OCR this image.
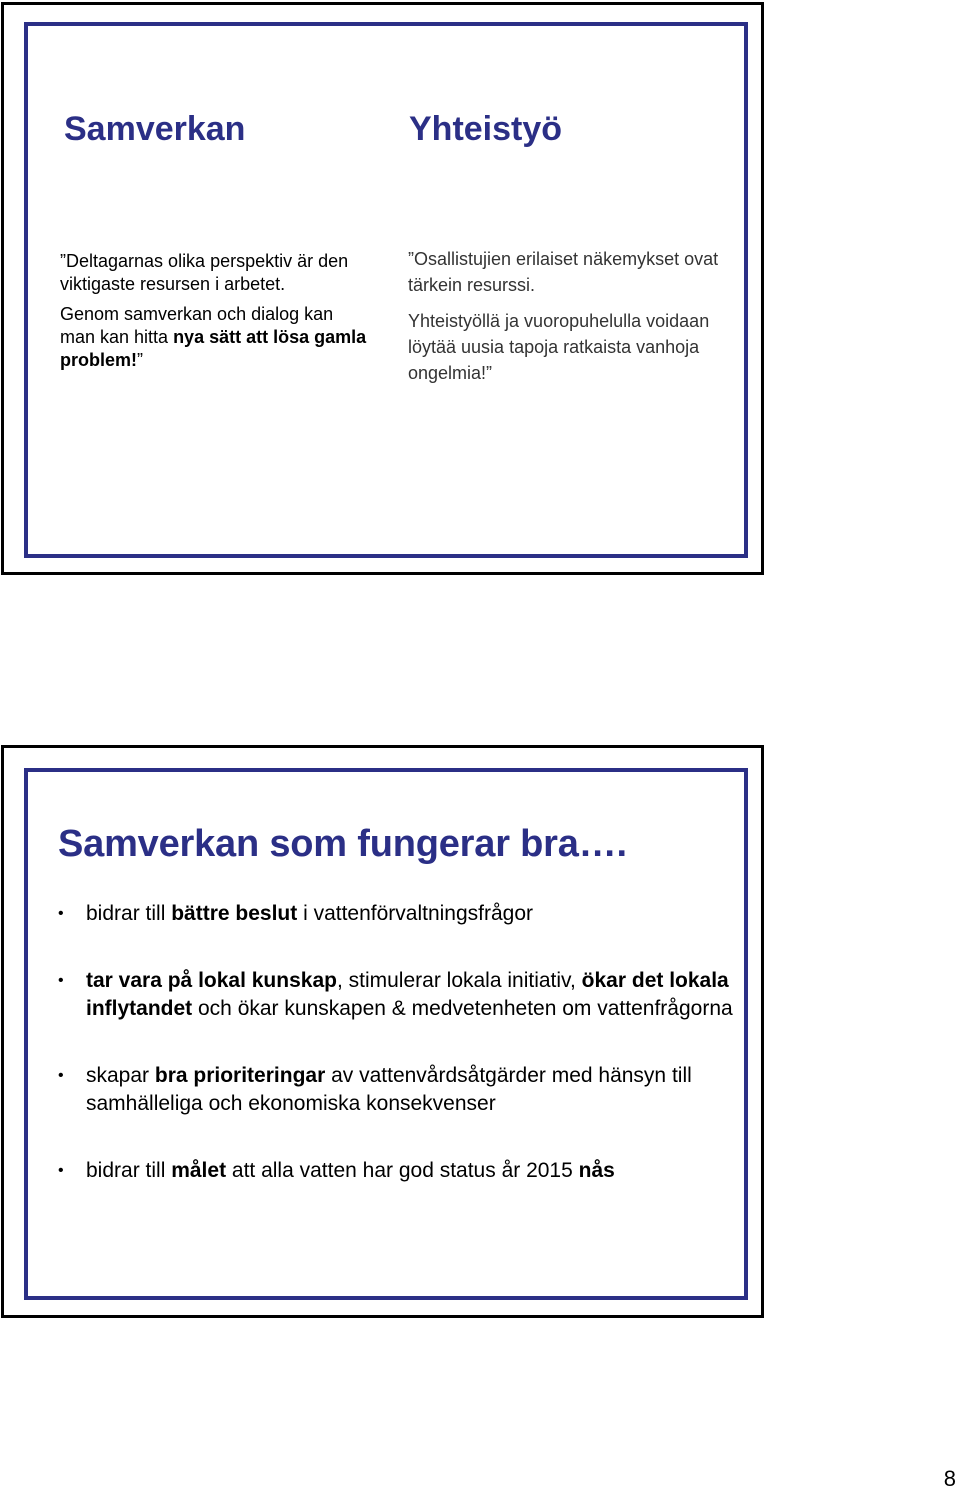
Samverkan	Yhteistyö
”Deltagarnas olika perspektiv är den viktigaste resursen i arbetet.
Genom samverkan och dialog kan man kan hitta nya sätt att lösa gamla problem!”
”Osallistujien erilaiset näkemykset ovat tärkein resurssi.
Yhteistyöllä ja vuoropuhelulla voidaan löytää uusia tapoja ratkaista vanhoja ongelmia!”
Samverkan som fungerar bra….
•	bidrar till bättre beslut i vattenförvaltningsfrågor
•	tar vara på lokal kunskap, stimulerar lokala initiativ, ökar det lokala inflytandet och ökar kunskapen & medvetenheten om vattenfrågorna
•	skapar bra prioriteringar av vattenvårdsåtgärder med hänsyn till samhälleliga och ekonomiska konsekvenser
•	bidrar till målet att alla vatten har god status år 2015 nås
8
